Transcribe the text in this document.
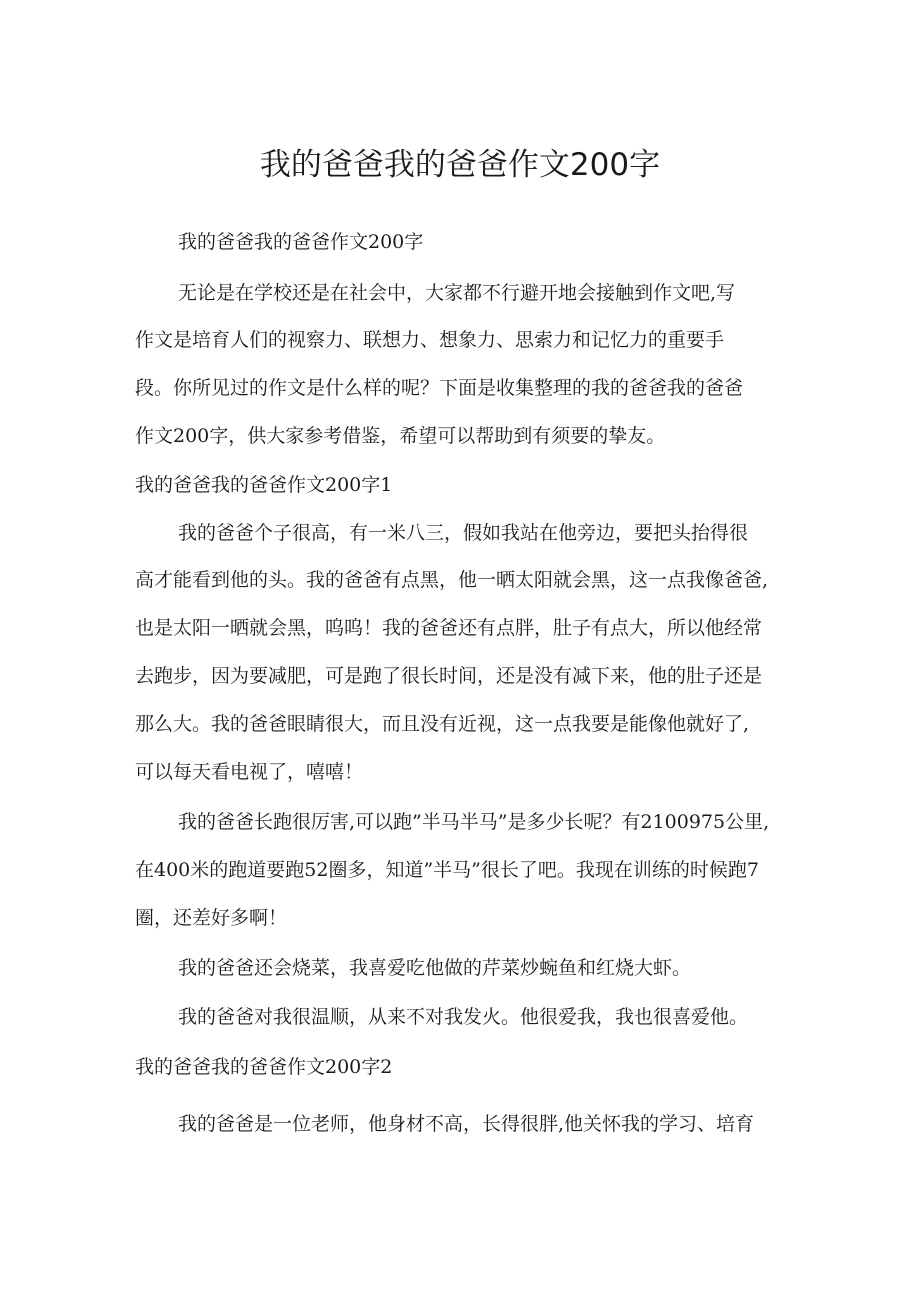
我的爸爸我的爸爸作文200字

我的爸爸我的爸爸作文200字

无论是在学校还是在社会中，大家都不行避开地会接触到作文吧,写

作文是培育人们的视察力、联想力、想象力、思索力和记忆力的重要手

段。你所见过的作文是什么样的呢？下面是收集整理的我的爸爸我的爸爸

作文200字，供大家参考借鉴，希望可以帮助到有须要的挚友。

我的爸爸我的爸爸作文200字1

我的爸爸个子很高，有一米八三，假如我站在他旁边，要把头抬得很

高才能看到他的头。我的爸爸有点黑，他一晒太阳就会黑，这一点我像爸爸,

也是太阳一晒就会黑，呜呜！我的爸爸还有点胖，肚子有点大，所以他经常

去跑步，因为要减肥，可是跑了很长时间，还是没有减下来，他的肚子还是

那么大。我的爸爸眼睛很大，而且没有近视，这一点我要是能像他就好了,

可以每天看电视了，嘻嘻！

我的爸爸长跑很厉害,可以跑”半马半马”是多少长呢？有2100975公里,

在400米的跑道要跑52圈多，知道”半马”很长了吧。我现在训练的时候跑7

圈，还差好多啊！

我的爸爸还会烧菜，我喜爱吃他做的芹菜炒蜿鱼和红烧大虾。

我的爸爸对我很温顺，从来不对我发火。他很爱我，我也很喜爱他。

我的爸爸我的爸爸作文200字2

我的爸爸是一位老师，他身材不高，长得很胖,他关怀我的学习、培育
